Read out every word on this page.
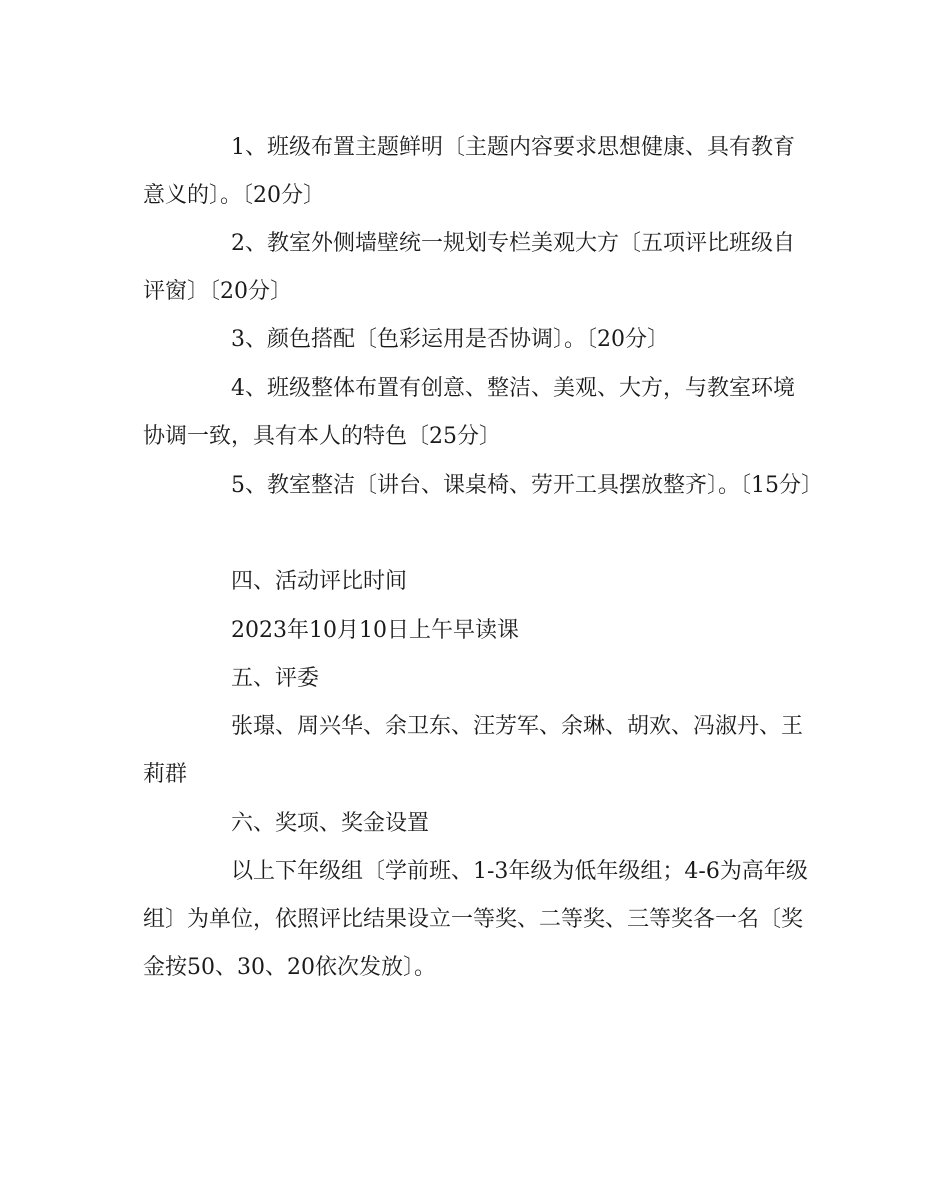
1、班级布置主题鲜明〔主题内容要求思想健康、具有教育意义的〕。〔20分〕

2、教室外侧墙壁统一规划专栏美观大方〔五项评比班级自评窗〕〔20分〕

3、颜色搭配〔色彩运用是否协调〕。〔20分〕

4、班级整体布置有创意、整洁、美观、大方，与教室环境协调一致，具有本人的特色〔25分〕

5、教室整洁〔讲台、课桌椅、劳开工具摆放整齐〕。〔15分〕

四、活动评比时间

2023年10月10日上午早读课

五、评委

张璟、周兴华、余卫东、汪芳军、余琳、胡欢、冯淑丹、王莉群

六、奖项、奖金设置

以上下年级组〔学前班、1-3年级为低年级组；4-6为高年级组〕为单位，依照评比结果设立一等奖、二等奖、三等奖各一名〔奖金按50、30、20依次发放〕。
